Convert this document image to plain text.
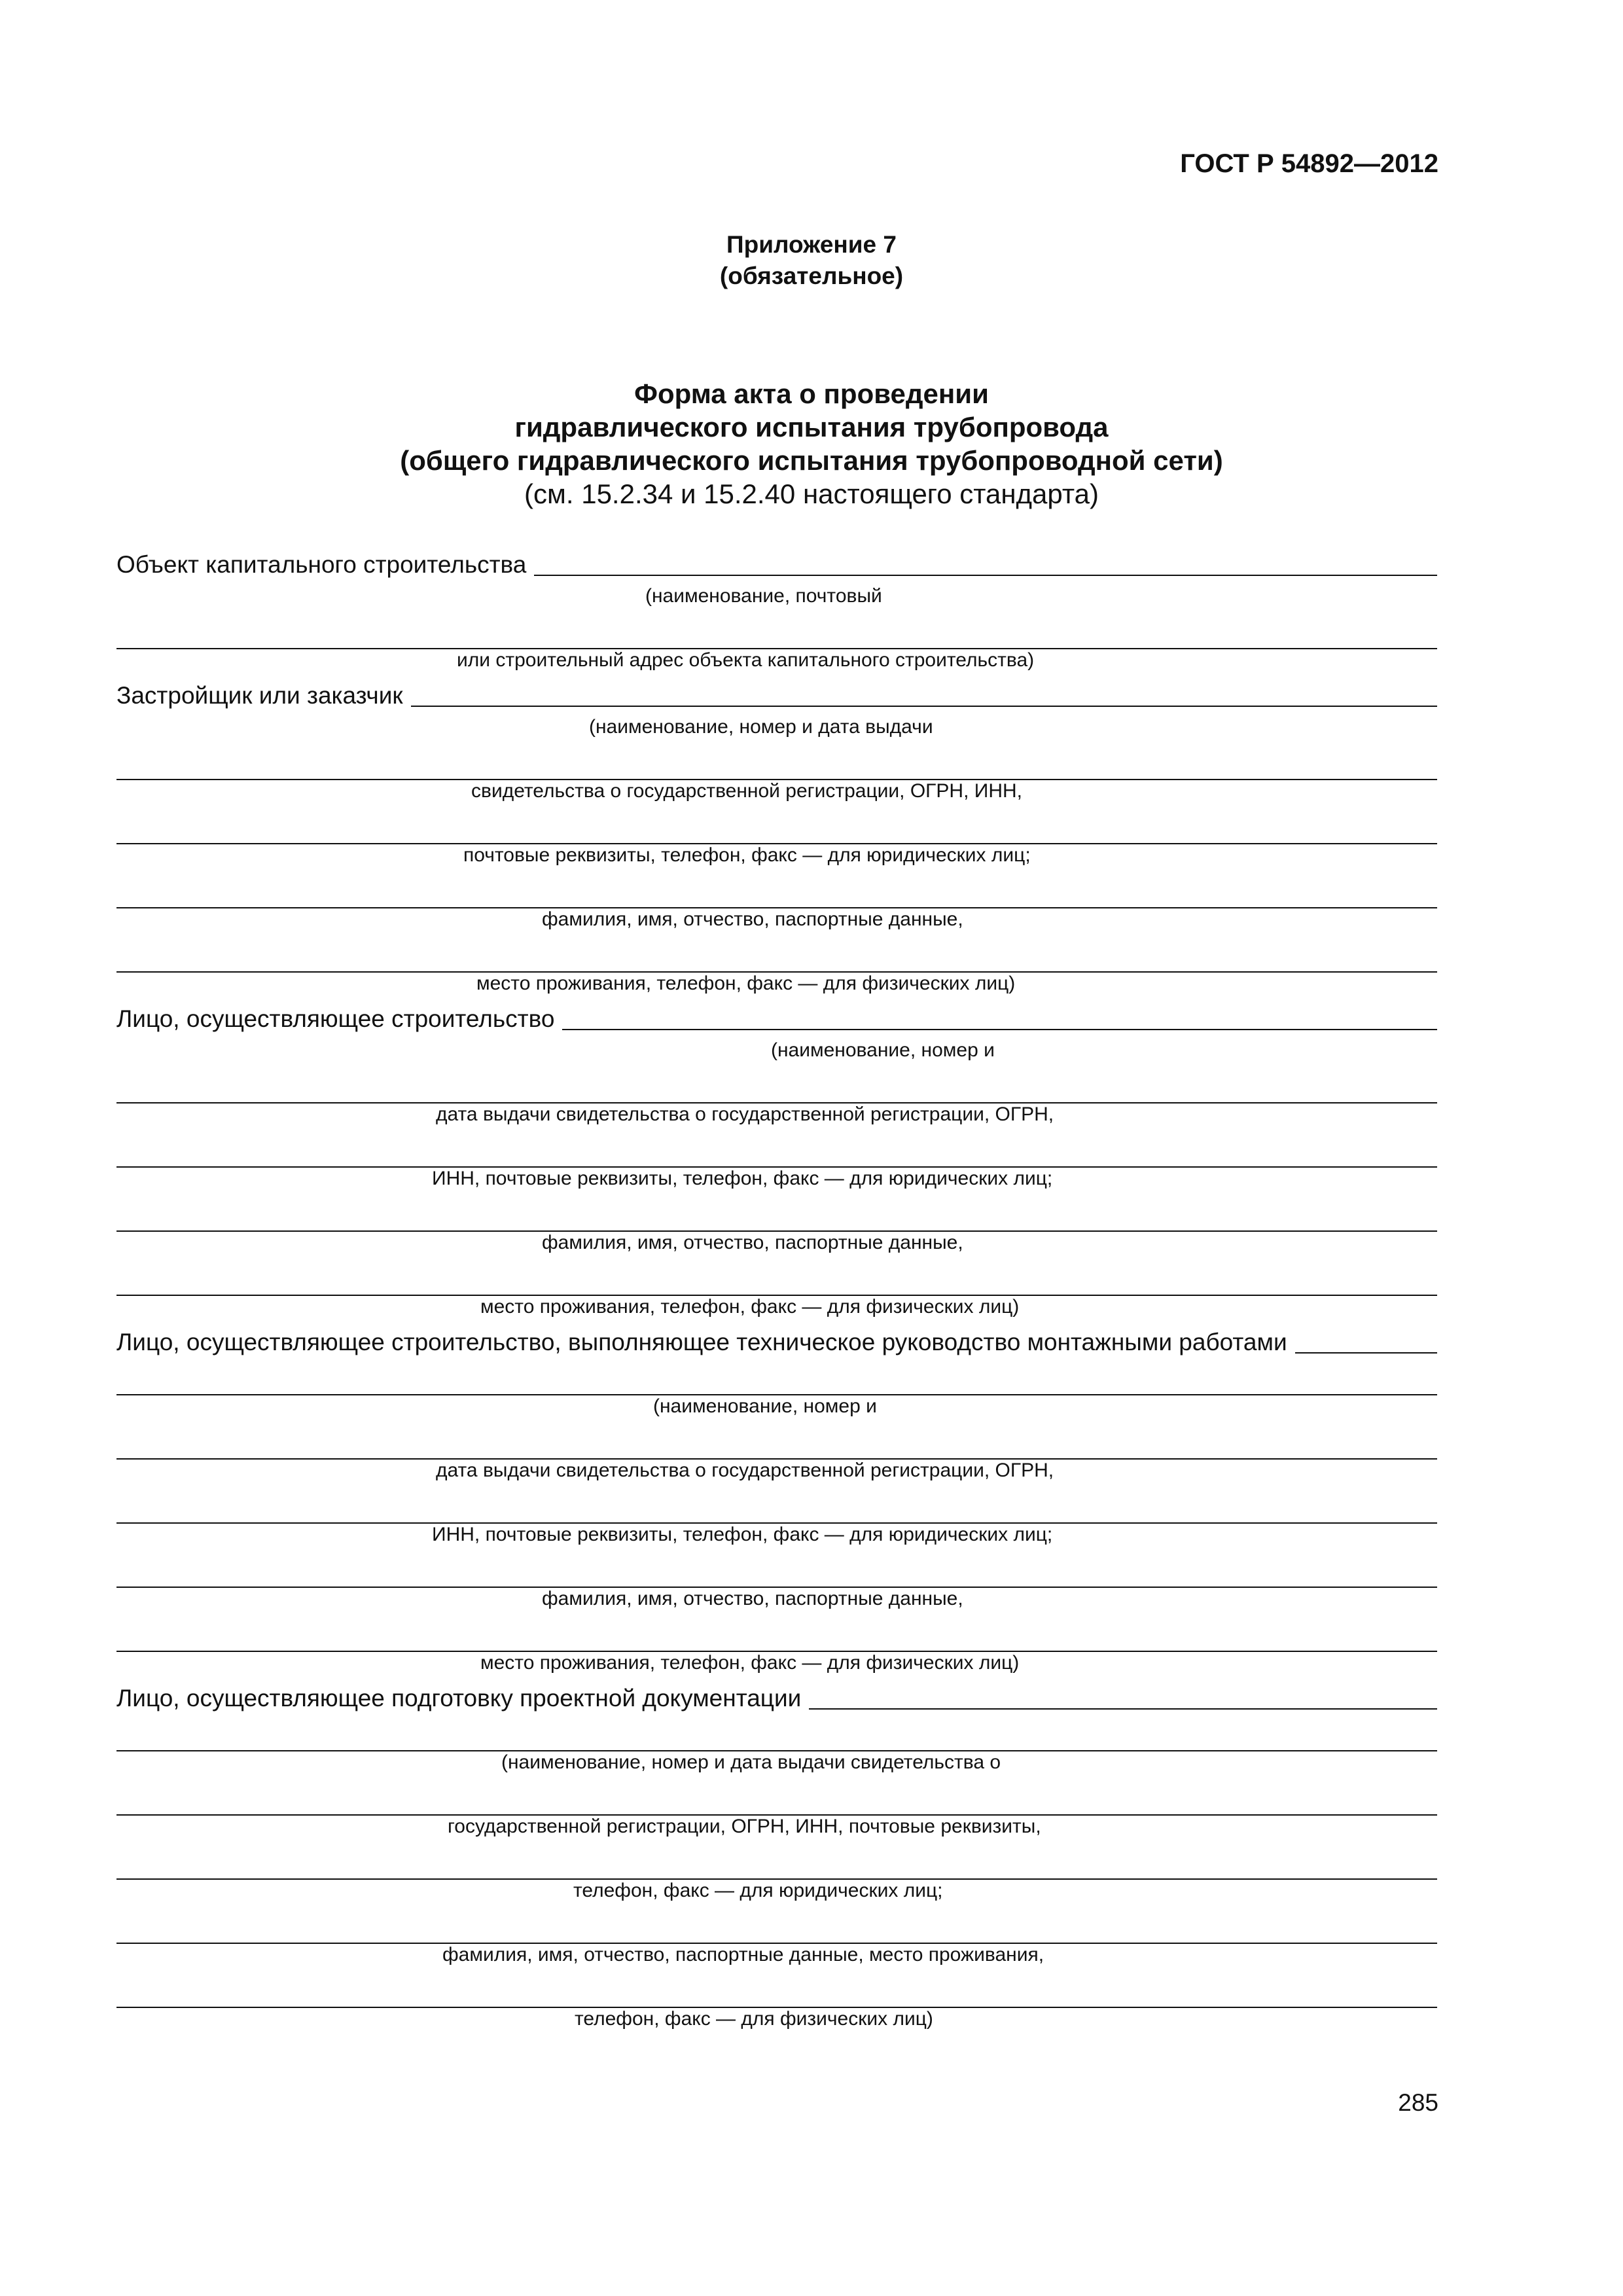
ГОСТ Р 54892—2012
Приложение 7
(обязательное)
Форма акта о проведении
гидравлического испытания трубопровода
(общего гидравлического испытания трубопроводной сети)
(см. 15.2.34 и 15.2.40 настоящего стандарта)
Объект капитального строительства
(наименование, почтовый
или строительный адрес объекта капитального строительства)
Застройщик или заказчик
(наименование, номер и дата выдачи
свидетельства о государственной регистрации, ОГРН, ИНН,
почтовые реквизиты, телефон, факс — для юридических лиц;
фамилия, имя, отчество, паспортные данные,
место проживания, телефон, факс — для физических лиц)
Лицо, осуществляющее строительство
(наименование, номер и
дата выдачи свидетельства о государственной регистрации, ОГРН,
ИНН, почтовые реквизиты, телефон, факс — для юридических лиц;
фамилия, имя, отчество, паспортные данные,
место проживания, телефон, факс — для физических лиц)
Лицо, осуществляющее строительство, выполняющее техническое руководство монтажными работами
(наименование, номер и
дата выдачи свидетельства о государственной регистрации, ОГРН,
ИНН, почтовые реквизиты, телефон, факс — для юридических лиц;
фамилия, имя, отчество, паспортные данные,
место проживания, телефон, факс — для физических лиц)
Лицо, осуществляющее подготовку проектной документации
(наименование, номер и дата выдачи свидетельства о
государственной регистрации, ОГРН, ИНН, почтовые реквизиты,
телефон, факс — для юридических лиц;
фамилия, имя, отчество, паспортные данные, место проживания,
телефон, факс — для физических лиц)
285
